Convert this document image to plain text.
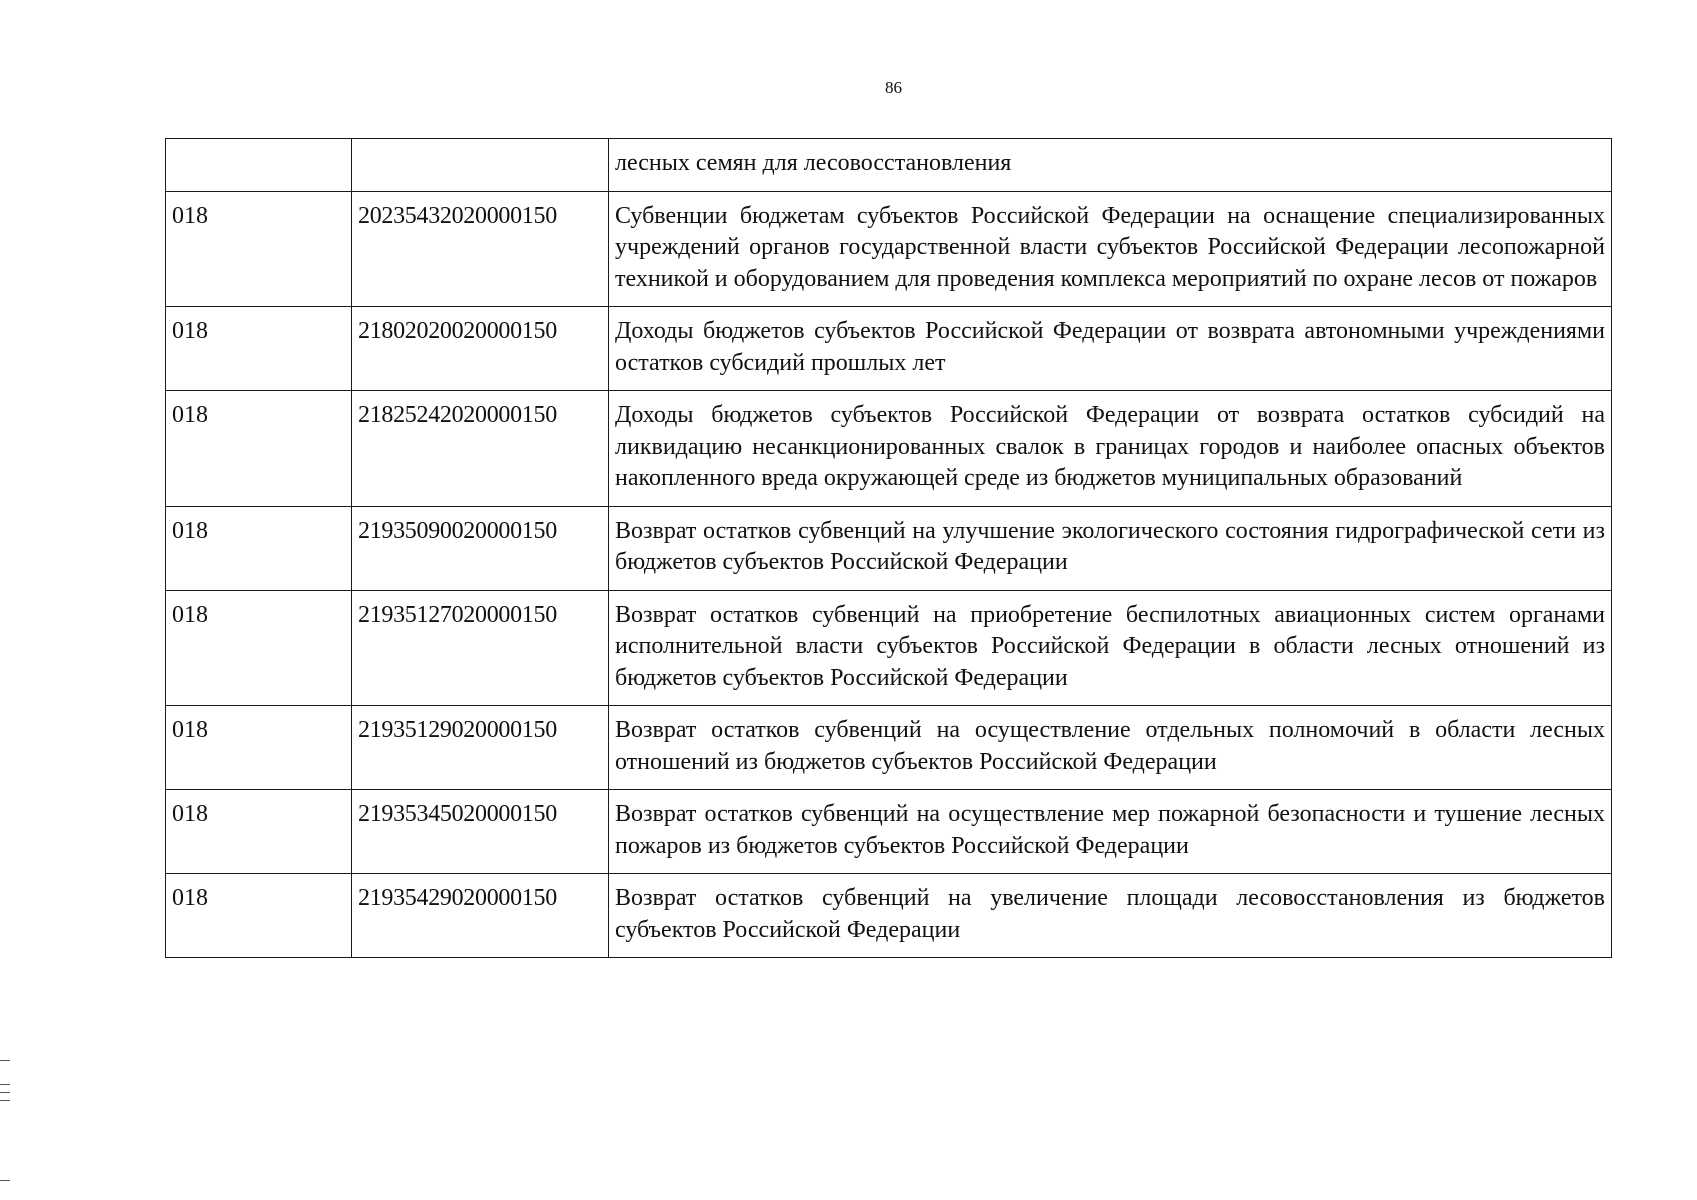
86
		лесных семян для лесовосстановления
018	20235432020000150	Субвенции бюджетам субъектов Российской Федерации на оснащение специализированных учреждений органов государственной власти субъектов Российской Федерации лесопожарной техникой и оборудованием для проведения комплекса мероприятий по охране лесов от пожаров
018	21802020020000150	Доходы бюджетов субъектов Российской Федерации от возврата автономными учреждениями остатков субсидий прошлых лет
018	21825242020000150	Доходы бюджетов субъектов Российской Федерации от возврата остатков субсидий на ликвидацию несанкционированных свалок в границах городов и наиболее опасных объектов накопленного вреда окружающей среде из бюджетов муниципальных образований
018	21935090020000150	Возврат остатков субвенций на улучшение экологического состояния гидрографической сети из бюджетов субъектов Российской Федерации
018	21935127020000150	Возврат остатков субвенций на приобретение беспилотных авиационных систем органами исполнительной власти субъектов Российской Федерации в области лесных отношений из бюджетов субъектов Российской Федерации
018	21935129020000150	Возврат остатков субвенций на осуществление отдельных полномочий в области лесных отношений из бюджетов субъектов Российской Федерации
018	21935345020000150	Возврат остатков субвенций на осуществление мер пожарной безопасности и тушение лесных пожаров из бюджетов субъектов Российской Федерации
018	21935429020000150	Возврат остатков субвенций на увеличение площади лесовосстановления из бюджетов субъектов Российской Федерации
